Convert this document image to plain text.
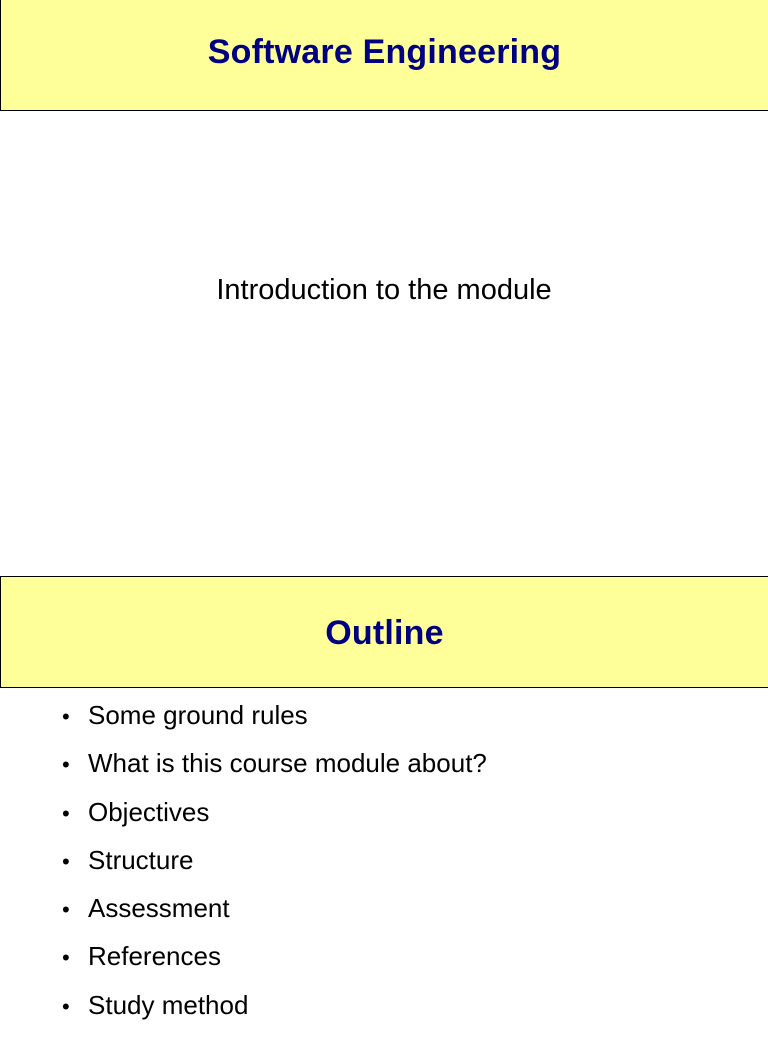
Software Engineering
Introduction to the module
Outline
• Some ground rules
• What is this course module about?
• Objectives
• Structure
• Assessment
• References
• Study method
